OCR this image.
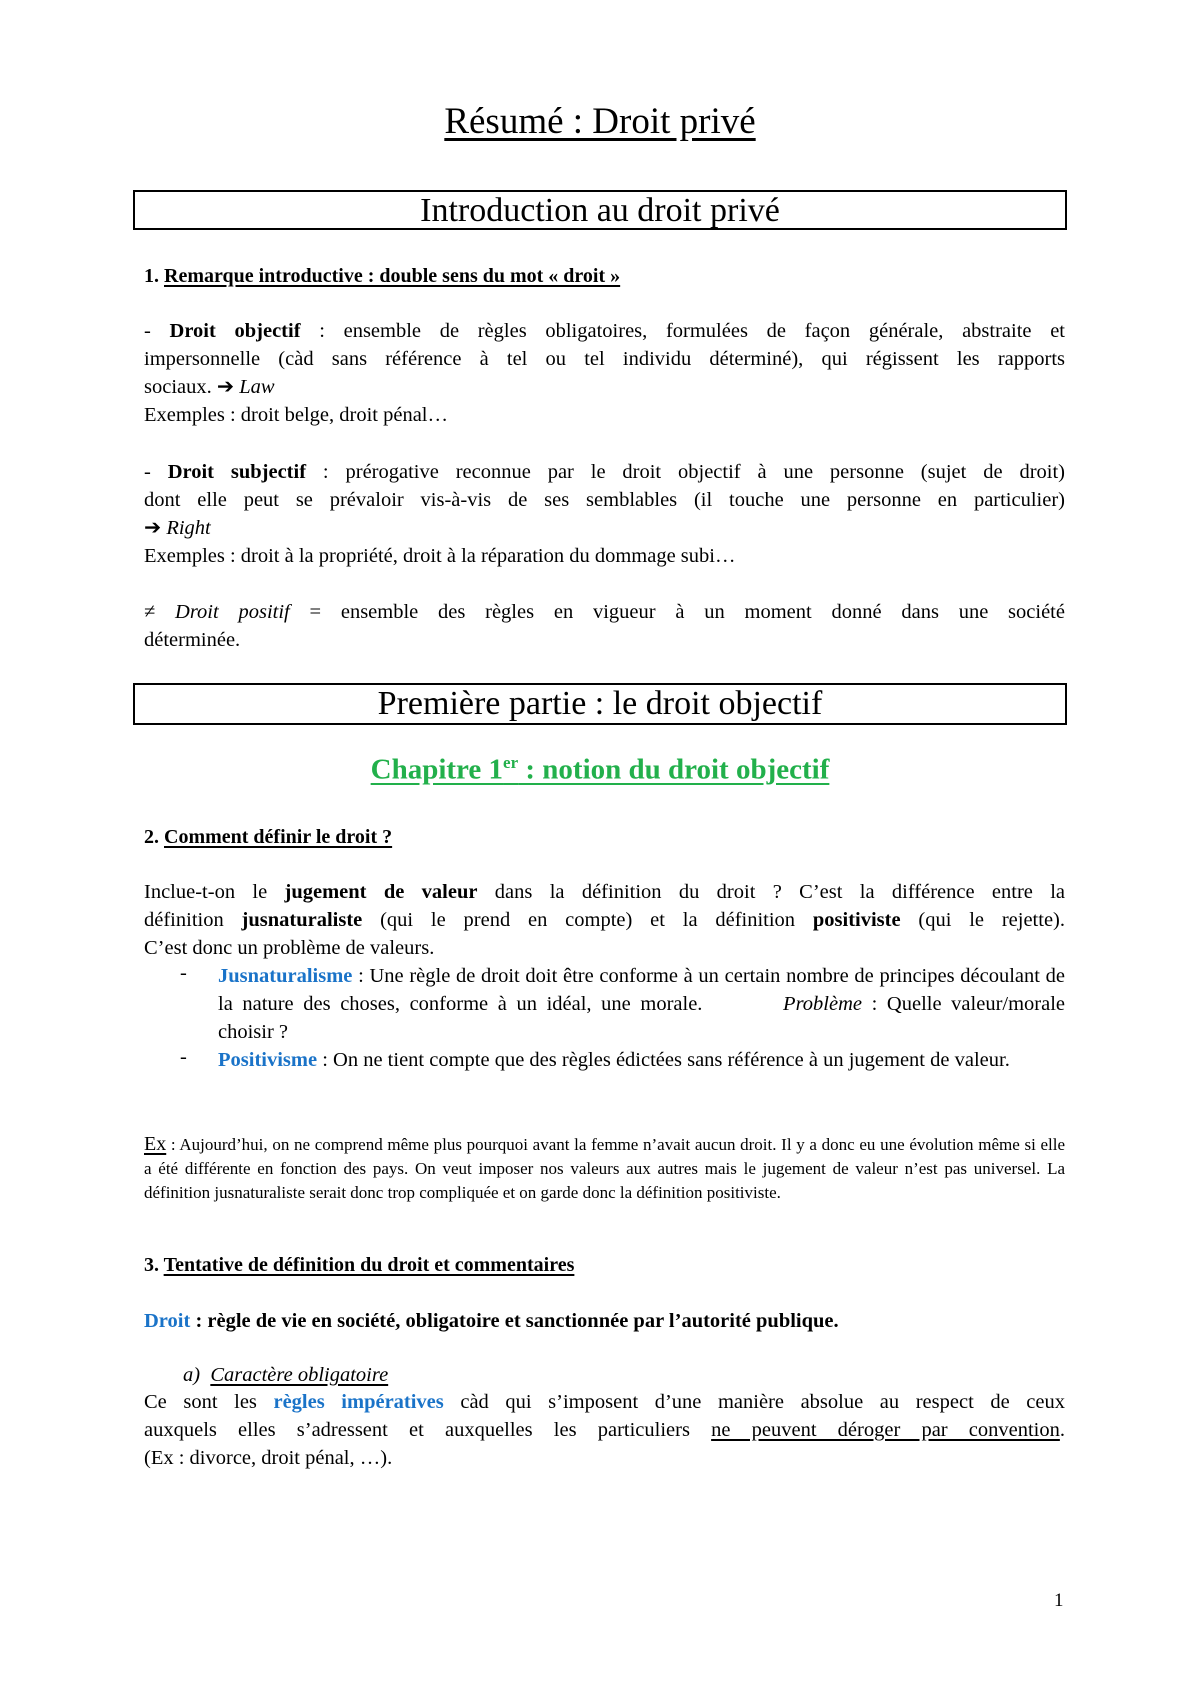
Résumé : Droit privé
Introduction au droit privé
1. Remarque introductive : double sens du mot « droit »
- Droit objectif : ensemble de règles obligatoires, formulées de façon générale, abstraite et
impersonnelle (càd sans référence à tel ou tel individu déterminé), qui régissent les rapports
sociaux. ➔ Law
Exemples : droit belge, droit pénal…
- Droit subjectif : prérogative reconnue par le droit objectif à une personne (sujet de droit)
dont elle peut se prévaloir vis-à-vis de ses semblables (il touche une personne en particulier)
➔ Right
Exemples : droit à la propriété, droit à la réparation du dommage subi…
≠ Droit positif = ensemble des règles en vigueur à un moment donné dans une société
déterminée.
Première partie : le droit objectif
Chapitre 1er : notion du droit objectif
2. Comment définir le droit ?
Inclue-t-on le jugement de valeur dans la définition du droit ? C’est la différence entre la
définition jusnaturaliste (qui le prend en compte) et la définition positiviste (qui le rejette).
C’est donc un problème de valeurs.
- Jusnaturalisme : Une règle de droit doit être conforme à un certain nombre de principes découlant de la nature des choses, conforme à un idéal, une morale.	Problème : Quelle valeur/morale choisir ?
- Positivisme : On ne tient compte que des règles édictées sans référence à un jugement de valeur.
Ex : Aujourd’hui, on ne comprend même plus pourquoi avant la femme n’avait aucun droit. Il y a donc eu une évolution même si elle a été différente en fonction des pays. On veut imposer nos valeurs aux autres mais le jugement de valeur n’est pas universel. La définition jusnaturaliste serait donc trop compliquée et on garde donc la définition positiviste.
3. Tentative de définition du droit et commentaires
Droit : règle de vie en société, obligatoire et sanctionnée par l’autorité publique.
a) Caractère obligatoire
Ce sont les règles impératives càd qui s’imposent d’une manière absolue au respect de ceux
auxquels elles s’adressent et auxquelles les particuliers ne peuvent déroger par convention.
(Ex : divorce, droit pénal, …).
1
